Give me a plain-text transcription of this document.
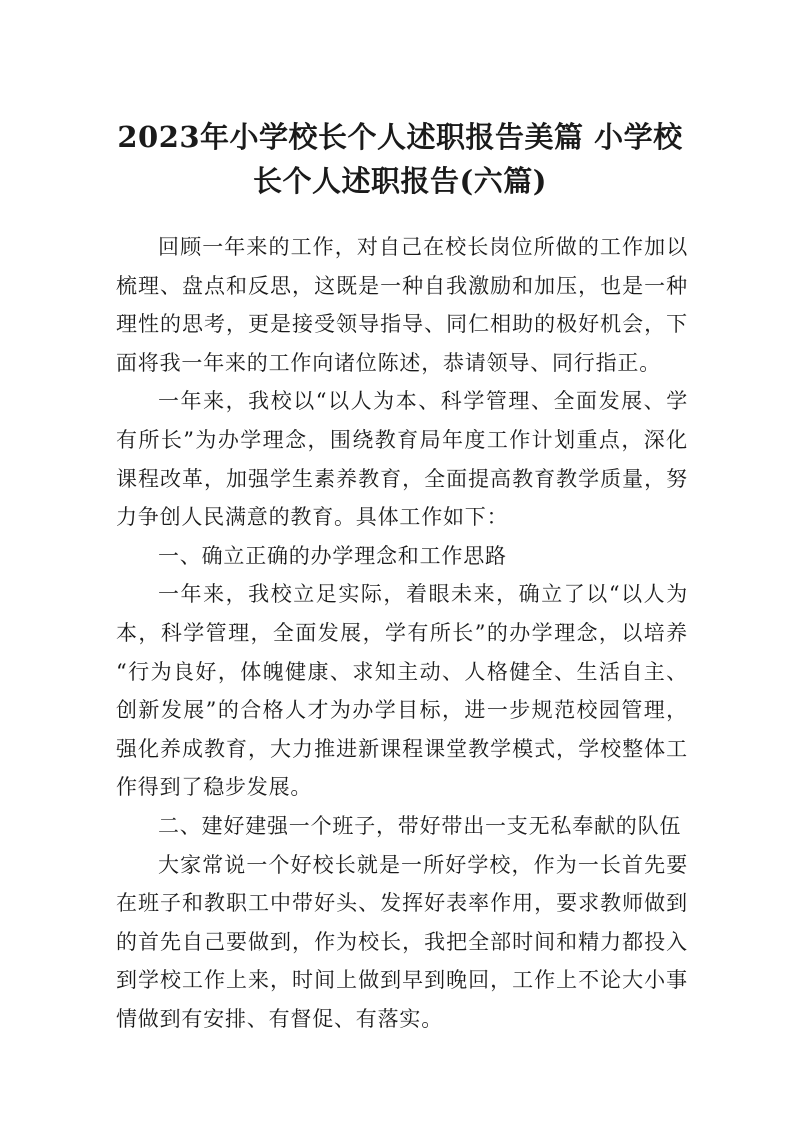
2023年小学校长个人述职报告美篇 小学校
长个人述职报告(六篇)

回顾一年来的工作，对自己在校长岗位所做的工作加以
梳理、盘点和反思，这既是一种自我激励和加压，也是一种
理性的思考，更是接受领导指导、同仁相助的极好机会，下
面将我一年来的工作向诸位陈述，恭请领导、同行指正。

一年来，我校以“以人为本、科学管理、全面发展、学
有所长”为办学理念，围绕教育局年度工作计划重点，深化
课程改革，加强学生素养教育，全面提高教育教学质量，努
力争创人民满意的教育。具体工作如下：

一、确立正确的办学理念和工作思路

一年来，我校立足实际，着眼未来，确立了以“以人为
本，科学管理，全面发展，学有所长”的办学理念，以培养
“行为良好，体魄健康、求知主动、人格健全、生活自主、
创新发展”的合格人才为办学目标，进一步规范校园管理，
强化养成教育，大力推进新课程课堂教学模式，学校整体工
作得到了稳步发展。

二、建好建强一个班子，带好带出一支无私奉献的队伍

大家常说一个好校长就是一所好学校，作为一长首先要
在班子和教职工中带好头、发挥好表率作用，要求教师做到
的首先自己要做到，作为校长，我把全部时间和精力都投入
到学校工作上来，时间上做到早到晚回，工作上不论大小事
情做到有安排、有督促、有落实。
